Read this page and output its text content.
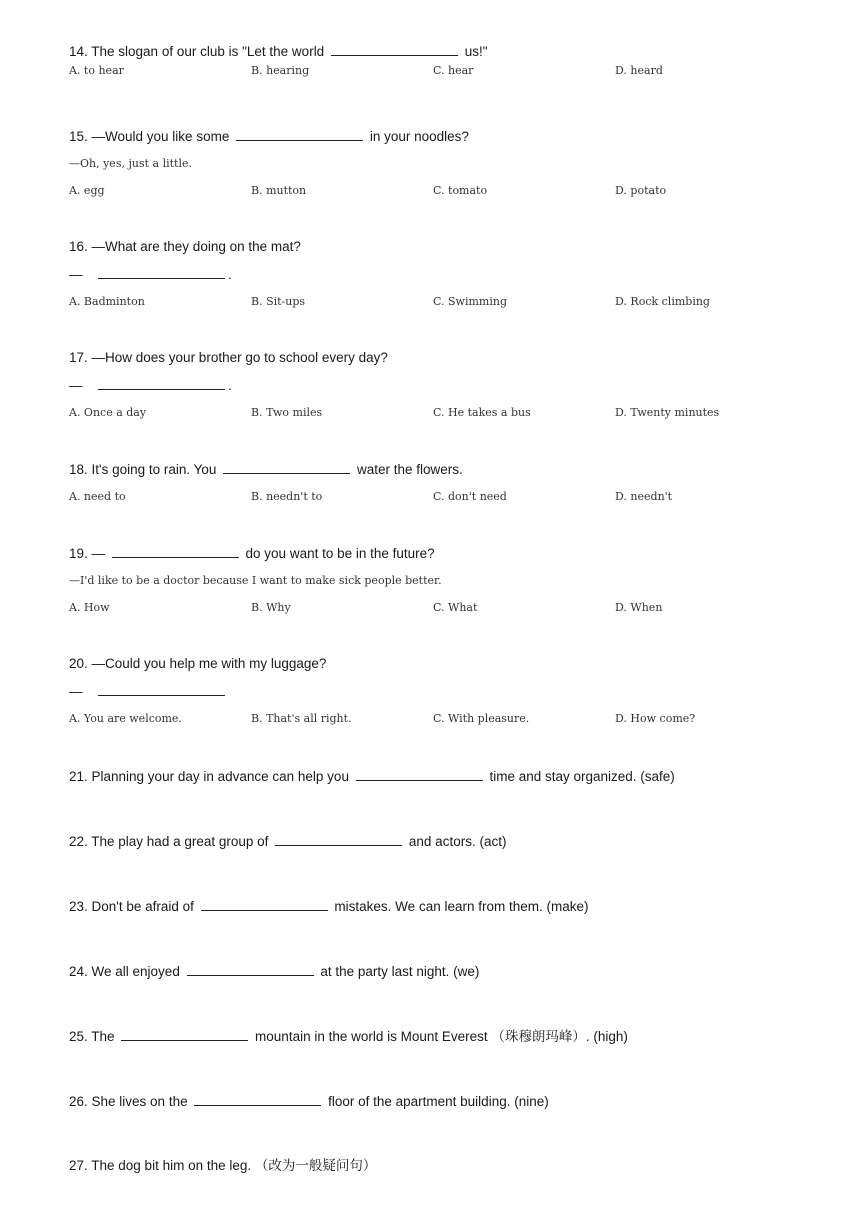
14. The slogan of our club is "Let the world	us!"
A. to hear	B. hearing	C. hear	D. heard
15. —Would you like some	in your noodles?
—Oh, yes, just a little.
A. egg	B. mutton	C. tomato	D. potato
16. —What are they doing on the mat?
—	.
A. Badminton	B. Sit-ups	C. Swimming	D. Rock climbing
17. —How does your brother go to school every day?
—	.
A. Once a day	B. Two miles	C. He takes a bus	D. Twenty minutes
18. It's going to rain. You	water the flowers.
A. need to	B. needn't to	C. don't need	D. needn't
19. —	do you want to be in the future?
—I'd like to be a doctor because I want to make sick people better.
A. How	B. Why	C. What	D. When
20. —Could you help me with my luggage?
—
A. You are welcome.	B. That's all right.	C. With pleasure.	D. How come?
21. Planning your day in advance can help you	time and stay organized. (safe)
22. The play had a great group of	and actors. (act)
23. Don't be afraid of	mistakes. We can learn from them. (make)
24. We all enjoyed	at the party last night. (we)
25. The	mountain in the world is Mount Everest （珠穆朗玛峰）. (high)
26. She lives on the	floor of the apartment building. (nine)
27. The dog bit him on the leg. （改为一般疑问句）
